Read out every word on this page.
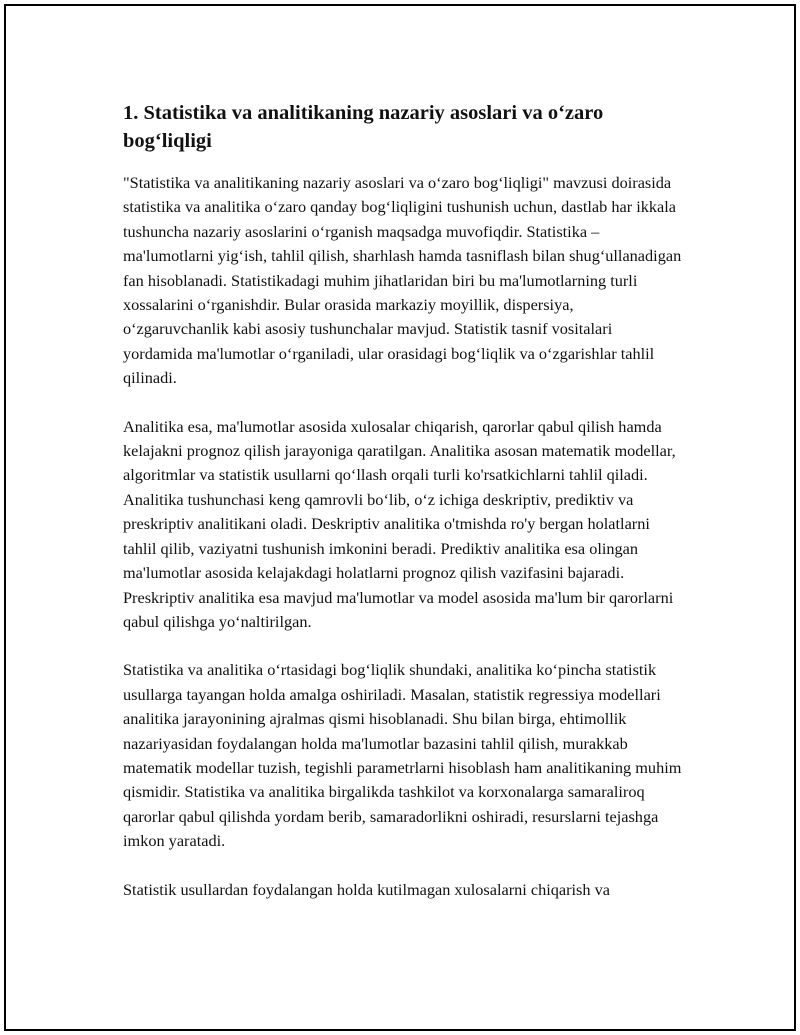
1. Statistika va analitikaning nazariy asoslari va o‘zaro bog‘liqligi

"Statistika va analitikaning nazariy asoslari va o‘zaro bog‘liqligi" mavzusi doirasida statistika va analitika o‘zaro qanday bog‘liqligini tushunish uchun, dastlab har ikkala tushuncha nazariy asoslarini o‘rganish maqsadga muvofiqdir. Statistika – ma'lumotlarni yig‘ish, tahlil qilish, sharhlash hamda tasniflash bilan shug‘ullanadigan fan hisoblanadi. Statistikadagi muhim jihatlaridan biri bu ma'lumotlarning turli xossalarini o‘rganishdir. Bular orasida markaziy moyillik, dispersiya, o‘zgaruvchanlik kabi asosiy tushunchalar mavjud. Statistik tasnif vositalari yordamida ma'lumotlar o‘rganiladi, ular orasidagi bog‘liqlik va o‘zgarishlar tahlil qilinadi.

Analitika esa, ma'lumotlar asosida xulosalar chiqarish, qarorlar qabul qilish hamda kelajakni prognoz qilish jarayoniga qaratilgan. Analitika asosan matematik modellar, algoritmlar va statistik usullarni qo‘llash orqali turli ko'rsatkichlarni tahlil qiladi. Analitika tushunchasi keng qamrovli bo‘lib, o‘z ichiga deskriptiv, prediktiv va preskriptiv analitikani oladi. Deskriptiv analitika o'tmishda ro'y bergan holatlarni tahlil qilib, vaziyatni tushunish imkonini beradi. Prediktiv analitika esa olingan ma'lumotlar asosida kelajakdagi holatlarni prognoz qilish vazifasini bajaradi. Preskriptiv analitika esa mavjud ma'lumotlar va model asosida ma'lum bir qarorlarni qabul qilishga yo‘naltirilgan.

Statistika va analitika o‘rtasidagi bog‘liqlik shundaki, analitika ko‘pincha statistik usullarga tayangan holda amalga oshiriladi. Masalan, statistik regressiya modellari analitika jarayonining ajralmas qismi hisoblanadi. Shu bilan birga, ehtimollik nazariyasidan foydalangan holda ma'lumotlar bazasini tahlil qilish, murakkab matematik modellar tuzish, tegishli parametrlarni hisoblash ham analitikaning muhim qismidir. Statistika va analitika birgalikda tashkilot va korxonalarga samaraliroq qarorlar qabul qilishda yordam berib, samaradorlikni oshiradi, resurslarni tejashga imkon yaratadi.

Statistik usullardan foydalangan holda kutilmagan xulosalarni chiqarish va
